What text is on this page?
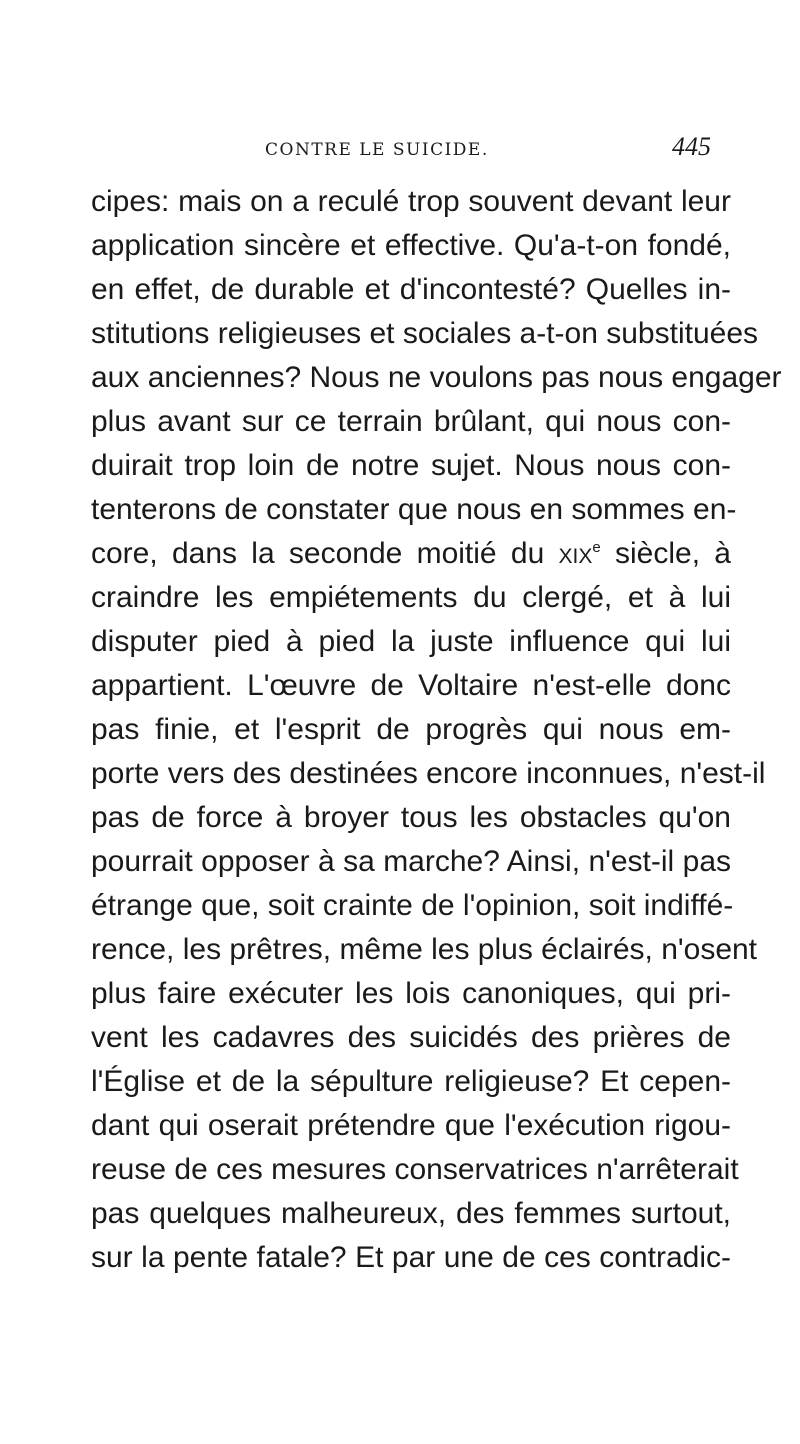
CONTRE LE SUICIDE.	445
cipes: mais on a reculé trop souvent devant leur
application sincère et effective. Qu'a-t-on fondé,
en effet, de durable et d'incontesté? Quelles in-
stitutions religieuses et sociales a-t-on substituées
aux anciennes? Nous ne voulons pas nous engager
plus avant sur ce terrain brûlant, qui nous con-
duirait trop loin de notre sujet. Nous nous con-
tenterons de constater que nous en sommes en-
core, dans la seconde moitié du xix$^e$ siècle, à
craindre les empiétements du clergé, et à lui
disputer pied à pied la juste influence qui lui
appartient. L'œuvre de Voltaire n'est-elle donc
pas finie, et l'esprit de progrès qui nous em-
porte vers des destinées encore inconnues, n'est-il
pas de force à broyer tous les obstacles qu'on
pourrait opposer à sa marche? Ainsi, n'est-il pas
étrange que, soit crainte de l'opinion, soit indiffé-
rence, les prêtres, même les plus éclairés, n'osent
plus faire exécuter les lois canoniques, qui pri-
vent les cadavres des suicidés des prières de
l'Église et de la sépulture religieuse? Et cepen-
dant qui oserait prétendre que l'exécution rigou-
reuse de ces mesures conservatrices n'arrêterait
pas quelques malheureux, des femmes surtout,
sur la pente fatale? Et par une de ces contradic-
